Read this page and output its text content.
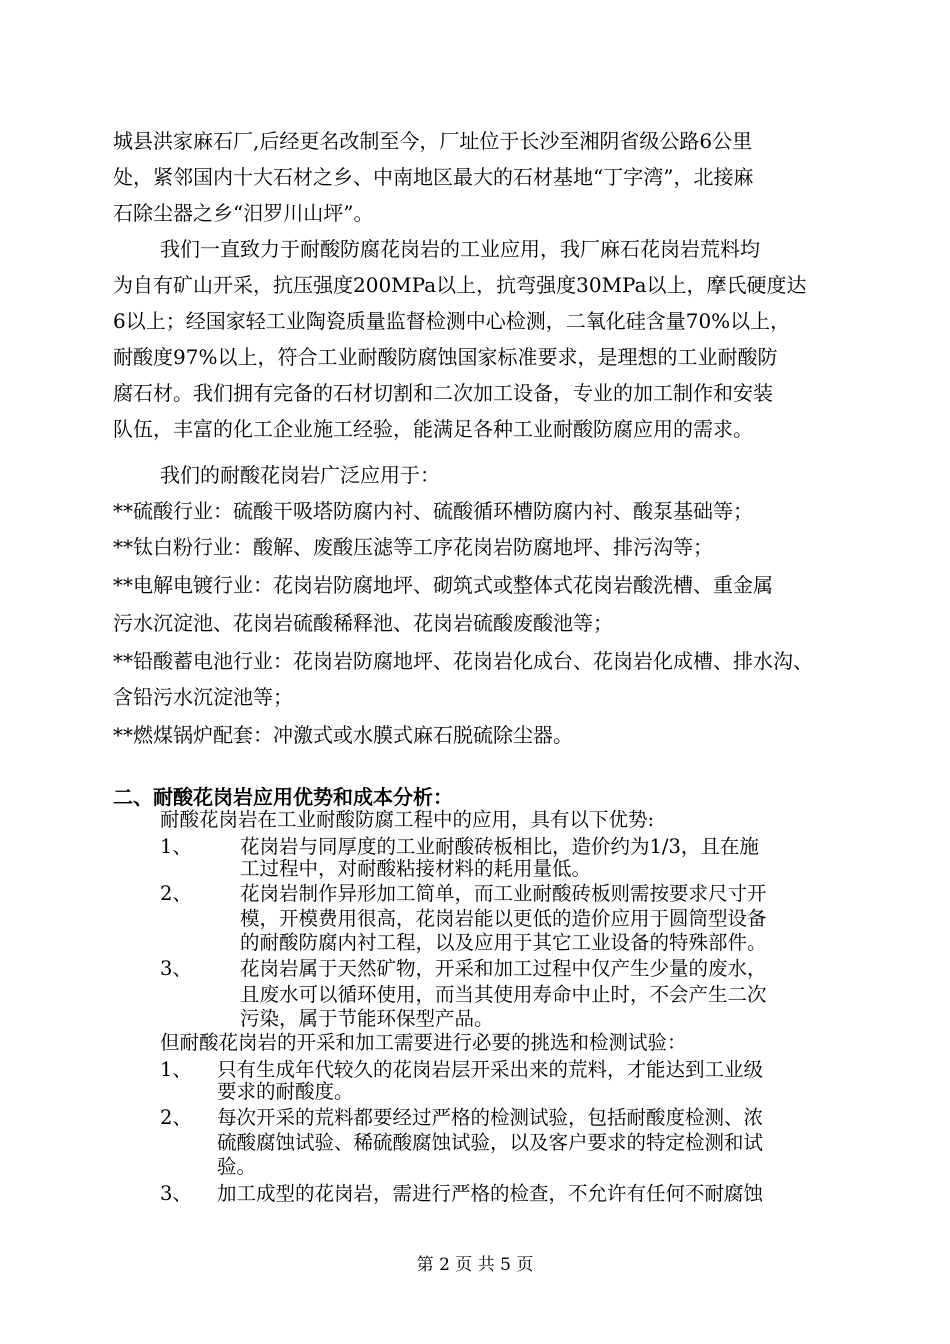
城县洪家麻石厂,后经更名改制至今，厂址位于长沙至湘阴省级公路6公里
处，紧邻国内十大石材之乡、中南地区最大的石材基地“丁字湾”，北接麻
石除尘器之乡“汨罗川山坪”。
我们一直致力于耐酸防腐花岗岩的工业应用，我厂麻石花岗岩荒料均
为自有矿山开采，抗压强度200MPa以上，抗弯强度30MPa以上，摩氏硬度达
6以上；经国家轻工业陶瓷质量监督检测中心检测，二氧化硅含量70%以上，
耐酸度97%以上，符合工业耐酸防腐蚀国家标准要求，是理想的工业耐酸防
腐石材。我们拥有完备的石材切割和二次加工设备，专业的加工制作和安装
队伍，丰富的化工企业施工经验，能满足各种工业耐酸防腐应用的需求。
我们的耐酸花岗岩广泛应用于：
**硫酸行业：硫酸干吸塔防腐内衬、硫酸循环槽防腐内衬、酸泵基础等；
**钛白粉行业：酸解、废酸压滤等工序花岗岩防腐地坪、排污沟等；
**电解电镀行业：花岗岩防腐地坪、砌筑式或整体式花岗岩酸洗槽、重金属
污水沉淀池、花岗岩硫酸稀释池、花岗岩硫酸废酸池等；
**铅酸蓄电池行业：花岗岩防腐地坪、花岗岩化成台、花岗岩化成槽、排水沟、
含铅污水沉淀池等；
**燃煤锅炉配套：冲激式或水膜式麻石脱硫除尘器。
二、耐酸花岗岩应用优势和成本分析：
耐酸花岗岩在工业耐酸防腐工程中的应用，具有以下优势:
1、 花岗岩与同厚度的工业耐酸砖板相比，造价约为1/3，且在施
工过程中，对耐酸粘接材料的耗用量低。
2、 花岗岩制作异形加工简单，而工业耐酸砖板则需按要求尺寸开
模，开模费用很高，花岗岩能以更低的造价应用于圆筒型设备
的耐酸防腐内衬工程，以及应用于其它工业设备的特殊部件。
3、 花岗岩属于天然矿物，开采和加工过程中仅产生少量的废水，
且废水可以循环使用，而当其使用寿命中止时，不会产生二次
污染，属于节能环保型产品。
但耐酸花岗岩的开采和加工需要进行必要的挑选和检测试验：
1、 只有生成年代较久的花岗岩层开采出来的荒料，才能达到工业级
要求的耐酸度。
2、 每次开采的荒料都要经过严格的检测试验，包括耐酸度检测、浓
硫酸腐蚀试验、稀硫酸腐蚀试验，以及客户要求的特定检测和试
验。
3、 加工成型的花岗岩，需进行严格的检查，不允许有任何不耐腐蚀
第 2 页 共 5 页
